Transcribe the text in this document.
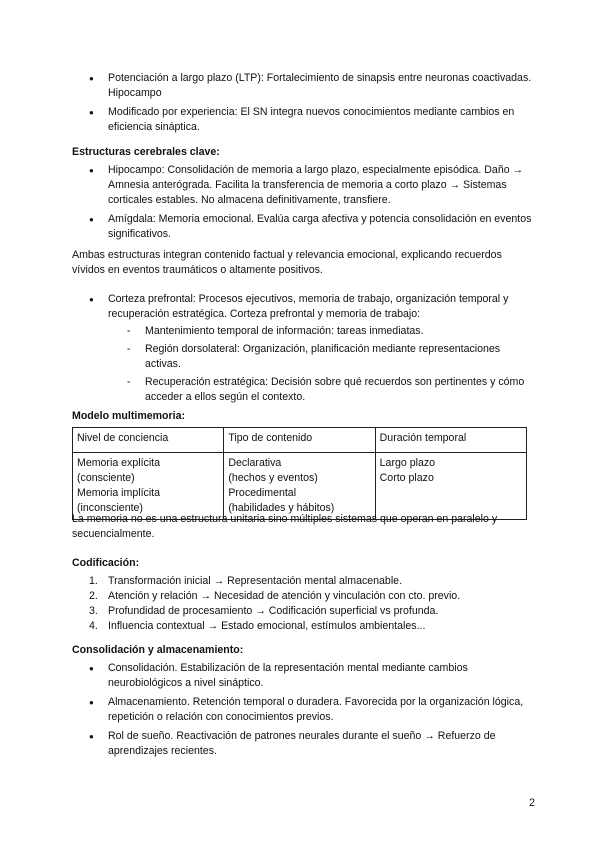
● Potenciación a largo plazo (LTP): Fortalecimiento de sinapsis entre neuronas coactivadas. Hipocampo
● Modificado por experiencia: El SN integra nuevos conocimientos mediante cambios en eficiencia sináptica.
Estructuras cerebrales clave:
● Hipocampo: Consolidación de memoria a largo plazo, especialmente episódica. Daño → Amnesia anterógrada. Facilita la transferencia de memoria a corto plazo → Sistemas corticales estables. No almacena definitivamente, transfiere.
● Amígdala: Memoria emocional. Evalúa carga afectiva y potencia consolidación en eventos significativos.

Ambas estructuras integran contenido factual y relevancia emocional, explicando recuerdos vívidos en eventos traumáticos o altamente positivos.

● Corteza prefrontal: Procesos ejecutivos, memoria de trabajo, organización temporal y recuperación estratégica. Corteza prefrontal y memoria de trabajo:
- Mantenimiento temporal de información: tareas inmediatas.
- Región dorsolateral: Organización, planificación mediante representaciones activas.
- Recuperación estratégica: Decisión sobre qué recuerdos son pertinentes y cómo acceder a ellos según el contexto.
Modelo multimemoria:
Nivel de conciencia	Tipo de contenido	Duración temporal
Memoria explícita
(consciente)
Memoria implícita
(inconsciente)	Declarativa
(hechos y eventos)
Procedimental
(habilidades y hábitos)	Largo plazo
Corto plazo

La memoria no es una estructura unitaria sino múltiples sistemas que operan en paralelo y secuencialmente.

Codificación:
1. Transformación inicial → Representación mental almacenable.
2. Atención y relación → Necesidad de atención y vinculación con cto. previo.
3. Profundidad de procesamiento → Codificación superficial vs profunda.
4. Influencia contextual → Estado emocional, estímulos ambientales...
Consolidación y almacenamiento:
● Consolidación. Estabilización de la representación mental mediante cambios neurobiológicos a nivel sináptico.
● Almacenamiento. Retención temporal o duradera. Favorecida por la organización lógica, repetición o relación con conocimientos previos.
● Rol de sueño. Reactivación de patrones neurales durante el sueño → Refuerzo de aprendizajes recientes.
2
